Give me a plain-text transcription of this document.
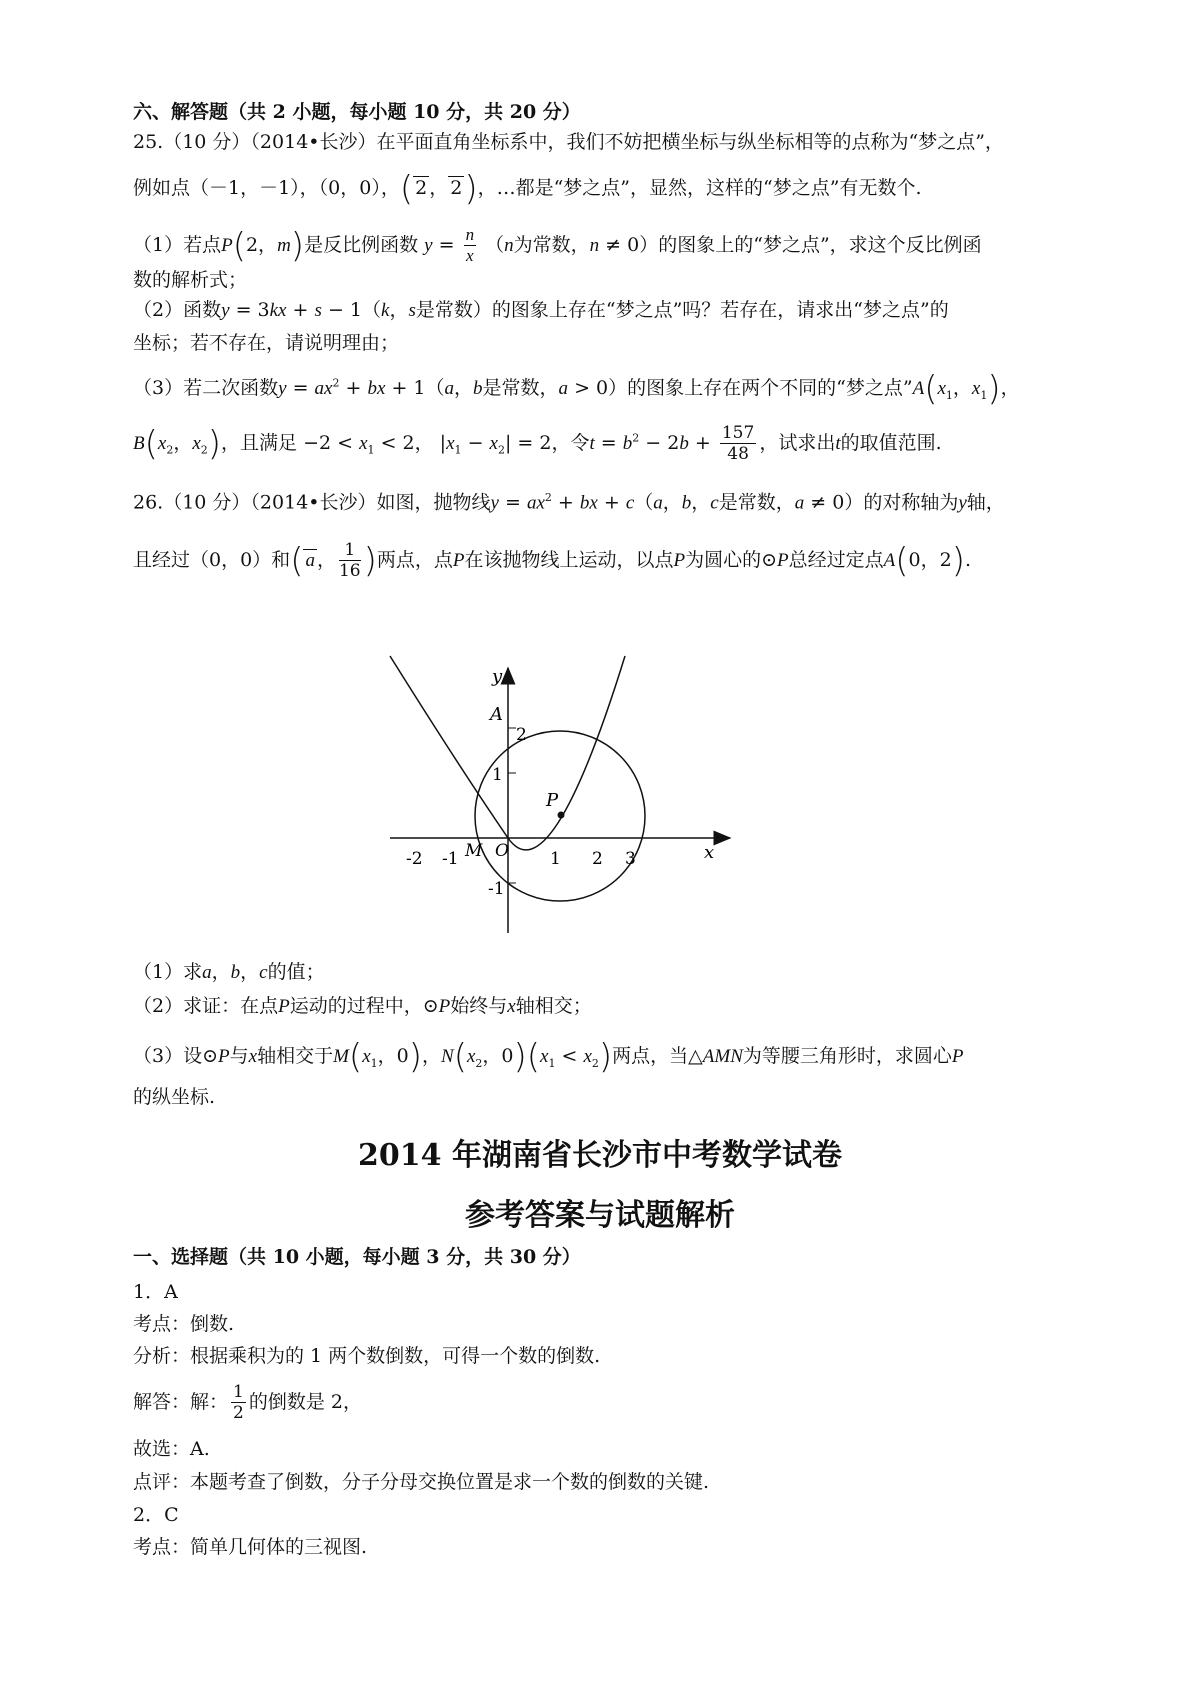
六、解答题（共 2 小题，每小题 10 分，共 20 分）
25.（10 分）（2014•长沙）在平面直角坐标系中，我们不妨把横坐标与纵坐标相等的点称为“梦之点”，
例如点（－1，－1），（0，0），( 2 ， 2)，…都是“梦之点”，显然，这样的“梦之点”有无数个.
（1）若点P(2，m)是反比例函数 $y = \frac{n}{x} (n$为常数，n ≠ 0）的图象上的“梦之点”，求这个反比例函
数的解析式；
（2）函数y = 3kx + s − 1（k，s是常数）的图象上存在“梦之点”吗？若存在，请求出“梦之点”的
坐标；若不存在，请说明理由；
（3）若二次函数$y = ax^2$ + bx + 1（a，b是常数，a > 0）的图象上存在两个不同的“梦之点$”A(x_1$，$x_1$)，
$B(x_2$，$x_2$)，且满足 $-2 < x_1 < 2$， $|x_1 - x_2| = 2$，令$t = b^2 - 2b + \frac{157}{48}$ ，试求出t的取值范围.
26.（10 分）（2014•长沙）如图，抛物线$y = ax^2$ + bx + c（a，b，c是常数，a ≠ 0）的对称轴为y轴，
且经过（0，0）和( a ， $\frac{1}{16}$ )两点，点P在该抛物线上运动，以点P为圆心的⊙P总经过定点A(0，2).
y
x
A
P
M O
-2 -1	1 2 3
2
1
-1
（1）求a，b，c的值；
（2）求证：在点P运动的过程中，⊙P始终与x轴相交；
（3）设⊙P与x轴相交于$M(x_1$，0)，$N(x_2$，$0)(x_1 < x_2)$两点，当△AMN为等腰三角形时，求圆心P
的纵坐标.
2014 年湖南省长沙市中考数学试卷
参考答案与试题解析
一、选择题（共 10 小题，每小题 3 分，共 30 分）
1．A
考点：倒数.
分析：根据乘积为的 1 两个数倒数，可得一个数的倒数.
解答：解： $\frac{1}{2}$ 的倒数是 2，
故选：A.
点评：本题考查了倒数，分子分母交换位置是求一个数的倒数的关键.
2．C
考点：简单几何体的三视图.
